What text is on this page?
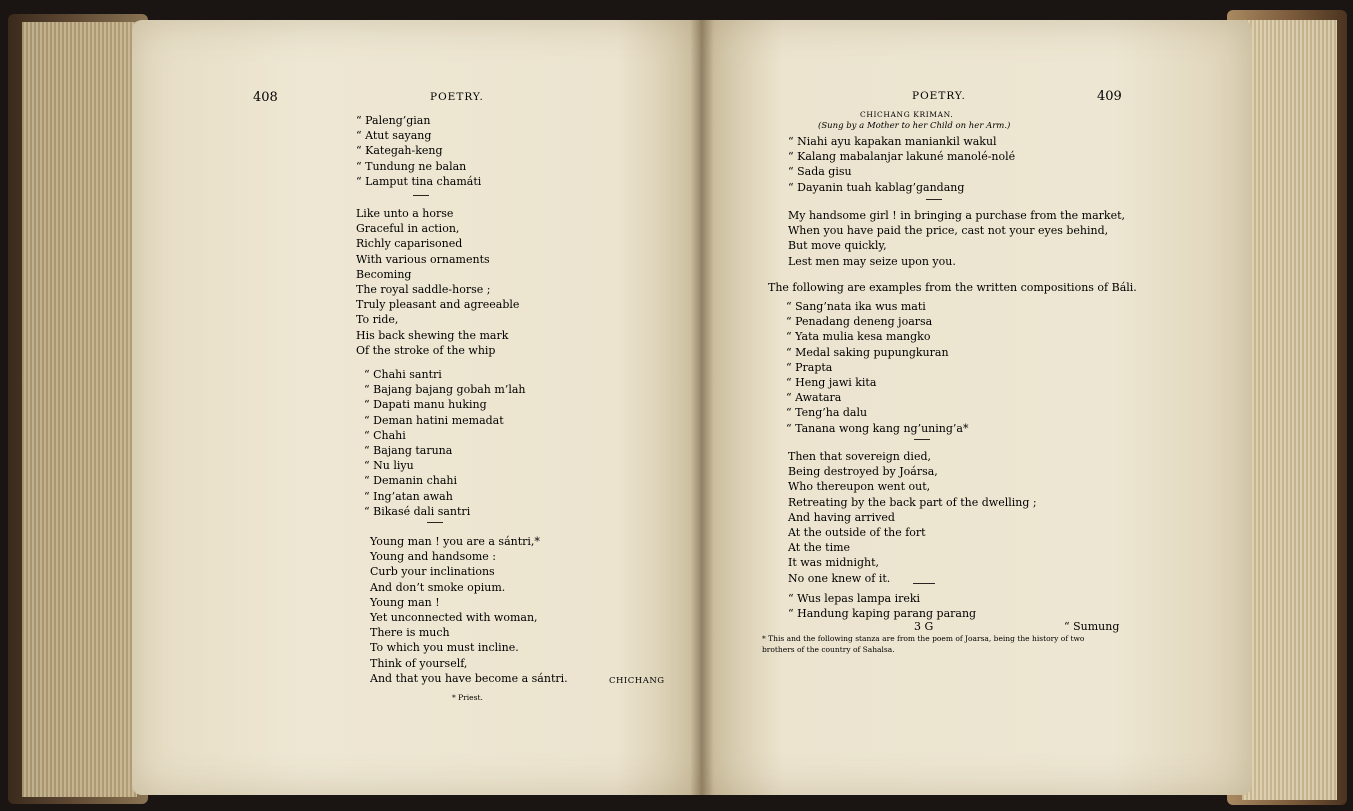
408	POETRY.
“ Paleng’gian
“ Atut sayang
“ Kategah-keng
“ Tundung ne balan
“ Lamput tina chamáti
Like unto a horse
Graceful in action,
Richly caparisoned
With various ornaments
Becoming
The royal saddle-horse ;
Truly pleasant and agreeable
To ride,
His back shewing the mark
Of the stroke of the whip
“ Chahi santri
“ Bajang bajang gobah m’lah
“ Dapati manu huking
“ Deman hatini memadat
“ Chahi
“ Bajang taruna
“ Nu liyu
“ Demanin chahi
“ Ing’atan awah
“ Bikasé dali santri
Young man ! you are a sántri,*
Young and handsome :
Curb your inclinations
And don’t smoke opium.
Young man !
Yet unconnected with woman,
There is much
To which you must incline.
Think of yourself,
And that you have become a sántri.	CHICHANG
* Priest.
POETRY.	409
CHICHANG KRIMAN.
(Sung by a Mother to her Child on her Arm.)
“ Niahi ayu kapakan maniankil wakul
“ Kalang mabalanjar lakuné manolé-nolé
“ Sada gisu
“ Dayanin tuah kablag’gandang
My handsome girl ! in bringing a purchase from the market,
When you have paid the price, cast not your eyes behind,
But move quickly,
Lest men may seize upon you.
The following are examples from the written compositions of Báli.
“ Sang’nata ika wus mati
“ Penadang deneng joarsa
“ Yata mulia kesa mangko
“ Medal saking pupungkuran
“ Prapta
“ Heng jawi kita
“ Awatara
“ Teng’ha dalu
“ Tanana wong kang ng’uning’a*
Then that sovereign died,
Being destroyed by Joársa,
Who thereupon went out,
Retreating by the back part of the dwelling ;
And having arrived
At the outside of the fort
At the time
It was midnight,
No one knew of it.
“ Wus lepas lampa ireki
“ Handung kaping parang parang
3 G	“ Sumung
* This and the following stanza are from the poem of Joarsa, being the history of two
brothers of the country of Sahalsa.
